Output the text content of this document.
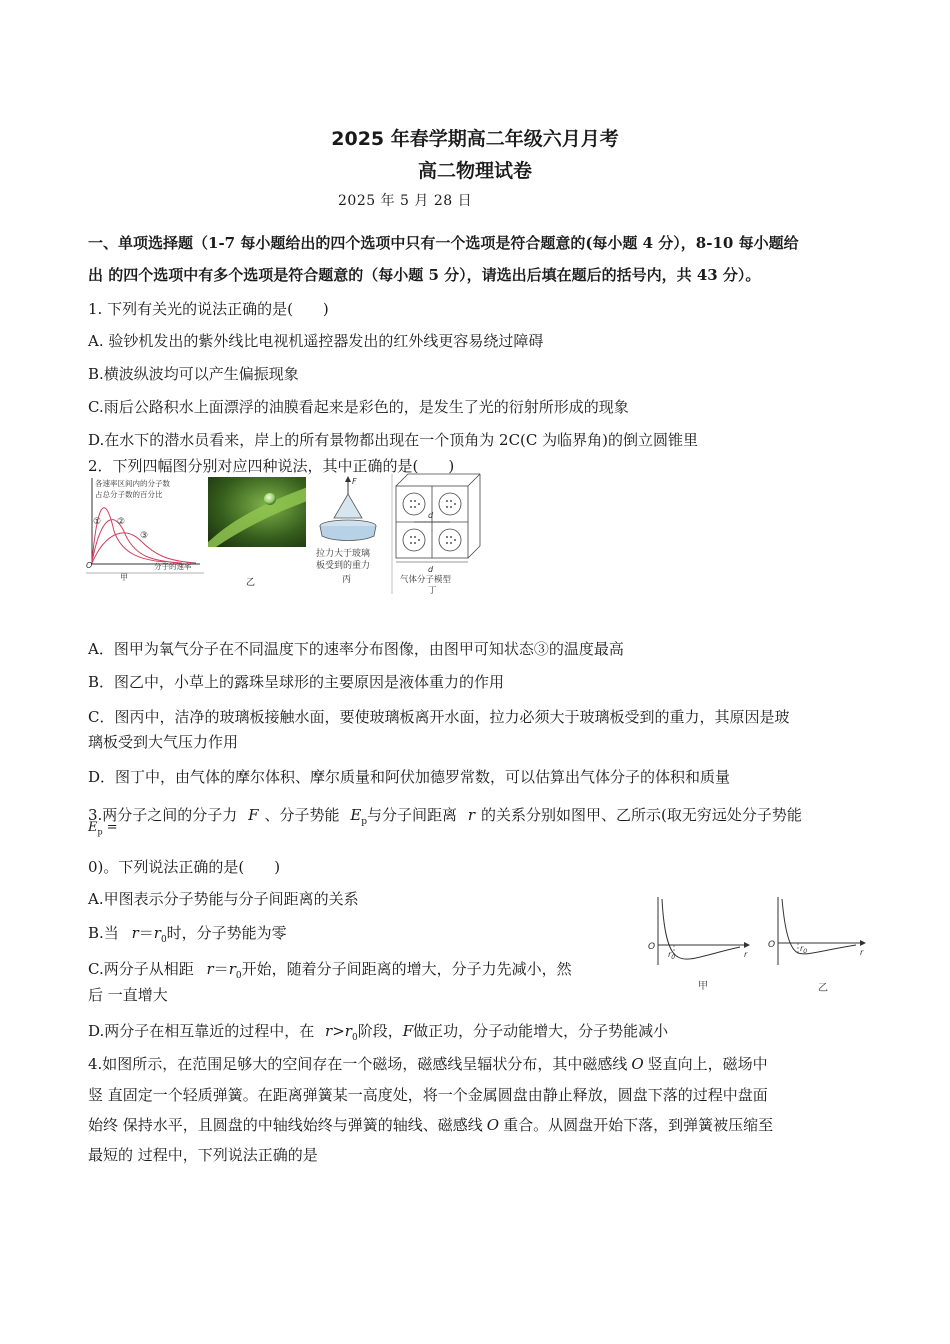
2025 年春学期高二年级六月月考
高二物理试卷
2025 年 5 月 28 日
一、单项选择题（1-7 每小题给出的四个选项中只有一个选项是符合题意的(每小题 4 分），8-10 每小题给
出 的四个选项中有多个选项是符合题意的（每小题 5 分），请选出后填在题后的括号内，共 43 分）。
1. 下列有关光的说法正确的是(　　)
A. 验钞机发出的紫外线比电视机遥控器发出的红外线更容易绕过障碍
B.横波纵波均可以产生偏振现象
C.雨后公路积水上面漂浮的油膜看起来是彩色的，是发生了光的衍射所形成的现象
D.在水下的潜水员看来，岸上的所有景物都出现在一个顶角为 2C(C 为临界角)的倒立圆锥里
2．下列四幅图分别对应四种说法，其中正确的是(　　)
各速率区间内的分子数
占总分子数的百分比
① ②
③
O	分子的速率
甲
乙
F
拉力大于玻璃
板受到的重力
丙
d
d
气体分子模型
丁
A．图甲为氧气分子在不同温度下的速率分布图像，由图甲可知状态③的温度最高
B．图乙中，小草上的露珠呈球形的主要原因是液体重力的作用
C．图丙中，洁净的玻璃板接触水面，要使玻璃板离开水面，拉力必须大于玻璃板受到的重力，其原因是玻
璃板受到大气压力作用
D．图丁中，由气体的摩尔体积、摩尔质量和阿伏加德罗常数，可以估算出气体分子的体积和质量
3.两分子之间的分子力 F 、分子势能 $E_p$与分子间距离 r 的关系分别如图甲、乙所示(取无穷远处分子势能
$E_p$ =
0)。下列说法正确的是(　　)
A.甲图表示分子势能与分子间距离的关系
B.当 $r=r_0$时，分子势能为零
C.两分子从相距 $r=r_0$开始，随着分子间距离的增大，分子力先减小，然
后 一直增大
D.两分子在相互靠近的过程中，在 $r>r_0$阶段，F做正功，分子动能增大，分子势能减小
O
$r_0$	r
甲
O	$r_0$	r
乙
4.如图所示，在范围足够大的空间存在一个磁场，磁感线呈辐状分布，其中磁感线 O 竖直向上，磁场中
竖 直固定一个轻质弹簧。在距离弹簧某一高度处，将一个金属圆盘由静止释放，圆盘下落的过程中盘面
始终 保持水平，且圆盘的中轴线始终与弹簧的轴线、磁感线 O 重合。从圆盘开始下落，到弹簧被压缩至
最短的 过程中，下列说法正确的是
